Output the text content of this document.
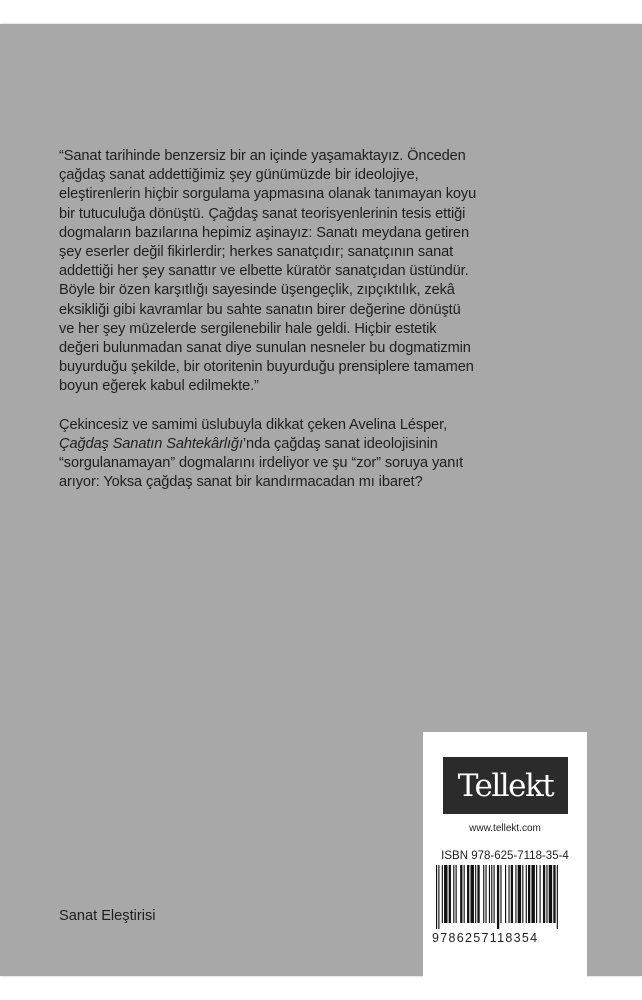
“Sanat tarihinde benzersiz bir an içinde yaşamaktayız. Önceden çağdaş sanat addettiğimiz şey günümüzde bir ideolojiye, eleştirenlerin hiçbir sorgulama yapmasına olanak tanımayan koyu bir tutuculuğa dönüştü. Çağdaş sanat teorisyenlerinin tesis ettiği dogmaların bazılarına hepimiz aşinayız: Sanatı meydana getiren şey eserler değil fikirlerdir; herkes sanatçıdır; sanatçının sanat addettiği her şey sanattır ve elbette küratör sanatçıdan üstündür. Böyle bir özen karşıtlığı sayesinde üşengeçlik, zıpçıktılık, zekâ eksikliği gibi kavramlar bu sahte sanatın birer değerine dönüştü ve her şey müzelerde sergilenebilir hale geldi. Hiçbir estetik değeri bulunmadan sanat diye sunulan nesneler bu dogmatizmin buyurduğu şekilde, bir otoritenin buyurduğu prensiplere tamamen boyun eğerek kabul edilmekte.”

Çekincesiz ve samimi üslubuyla dikkat çeken Avelina Lésper,
Çağdaş Sanatın Sahtekârlığı’nda çağdaş sanat ideolojisinin “sorgulanamayan” dogmalarını irdeliyor ve şu “zor” soruya yanıt arıyor: Yoksa çağdaş sanat bir kandırmacadan mı ibaret?

Sanat Eleştirisi
Tellekt
www.tellekt.com
ISBN 978-625-7118-35-4
9786257118354
